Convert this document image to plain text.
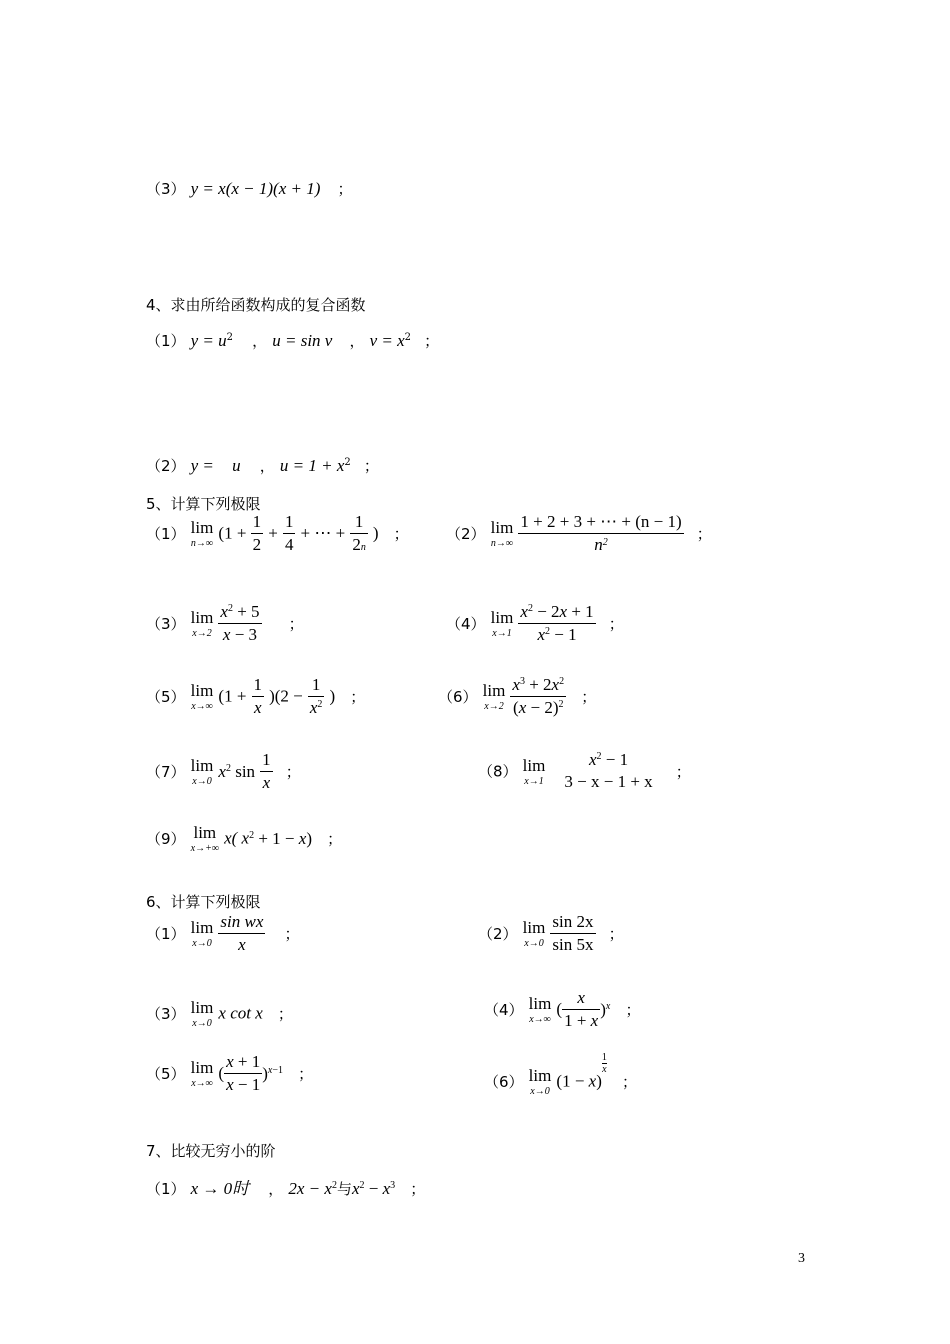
（3） y = x(x − 1)(x + 1) ；
4、求由所给函数构成的复合函数
（1） $y = u^2$ ， u = sin v ， $v = x^2$ ；
（2） y = u ， $u = 1 + x^2$ ；
5、计算下列极限
（1） lim
n→∞
($1 + \frac{1}{2} + \frac{1}{4}$ + ⋯ + $\frac{1}{2n}$ ) ； （2） lim
n→∞
$\frac{1 + 2 + 3 + \cdots + (n - 1)}{n^2}$ ；
（3） lim
x→2
$\frac{x^2 + 5}{x - 3}$ ；	（4） lim
x→1
$\frac{x^2 - 2x + 1}{x^2 - 1}$ ；
（5） lim
x→∞
$(1 + \frac{1}{x} )(2 - \frac{1}{x^2}$ ) ；	（6） lim
x→2
$\frac{x^3 + 2x^2}{(x - 2)^2}$ ；
（7） lim
x→0
$x^2$ $\sin \frac{1}{x}$ ；	（8） lim
x→1

$x^2 - 1$
3 − x − 1 + x
；
（9） lim
x→+∞
x( $x^2 + 1 - x$) ；
6、计算下列极限
（1） lim
x→0
$\frac{\text{sin wx}}{x}$ ；	（2） lim
x→0
$\frac{\sin 2x}{\sin 5x}$ ；
（3） lim
x→0
x cot x ；	（4） lim
x→∞
( $\frac{x}{1 + x} )^x$ ；
（5） lim
x→∞
( $\frac{x + 1}{x - 1} )^{x-1}$ ；	（6） lim
x→0
(1 − x)
$\frac{1}{x}$
；
7、比较无穷小的阶
（1） x → 0时 ， $2x - x^2$与$x^2 - x^3$ ；
3
